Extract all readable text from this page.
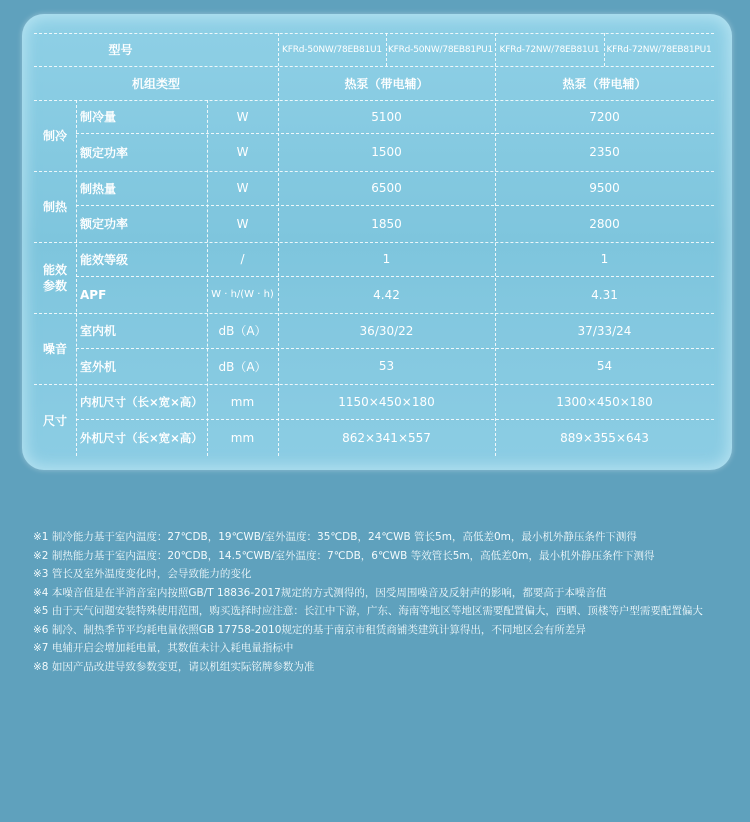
型号	KFRd-50NW/78EB81U1 KFRd-50NW/78EB81PU1 KFRd-72NW/78EB81U1 KFRd-72NW/78EB81PU1
机组类型	热泵（带电辅）	热泵（带电辅）
制冷
制冷量	W	5100	7200
额定功率	W	1500	2350
制热
制热量	W	6500	9500
额定功率	W	1850	2800
能效
参数
能效等级	/	1	1
APF	W · h/(W · h)	4.42	4.31
噪音
室内机	dB（A）	36/30/22	37/33/24
室外机	dB（A）	53	54
尺寸
内机尺寸（长×宽×高）	mm	1150×450×180	1300×450×180
外机尺寸（长×宽×高）	mm	862×341×557	889×355×643
※1 制冷能力基于室内温度：27℃DB，19℃WB/室外温度：35℃DB，24℃WB 管长5m，高低差0m，最小机外静压条件下测得
※2 制热能力基于室内温度：20℃DB，14.5℃WB/室外温度：7℃DB，6℃WB 等效管长5m，高低差0m，最小机外静压条件下测得
※3 管长及室外温度变化时，会导致能力的变化
※4 本噪音值是在半消音室内按照GB/T 18836-2017规定的方式测得的，因受周围噪音及反射声的影响，都要高于本噪音值
※5 由于天气问题安装特殊使用范围，购买选择时应注意：长江中下游，广东、海南等地区等地区需要配置偏大，西晒、顶楼等户型需要配置偏大
※6 制冷、制热季节平均耗电量依照GB 17758-2010规定的基于南京市租赁商铺类建筑计算得出，不同地区会有所差异
※7 电辅开启会增加耗电量，其数值未计入耗电量指标中
※8 如因产品改进导致参数变更，请以机组实际铭牌参数为准
